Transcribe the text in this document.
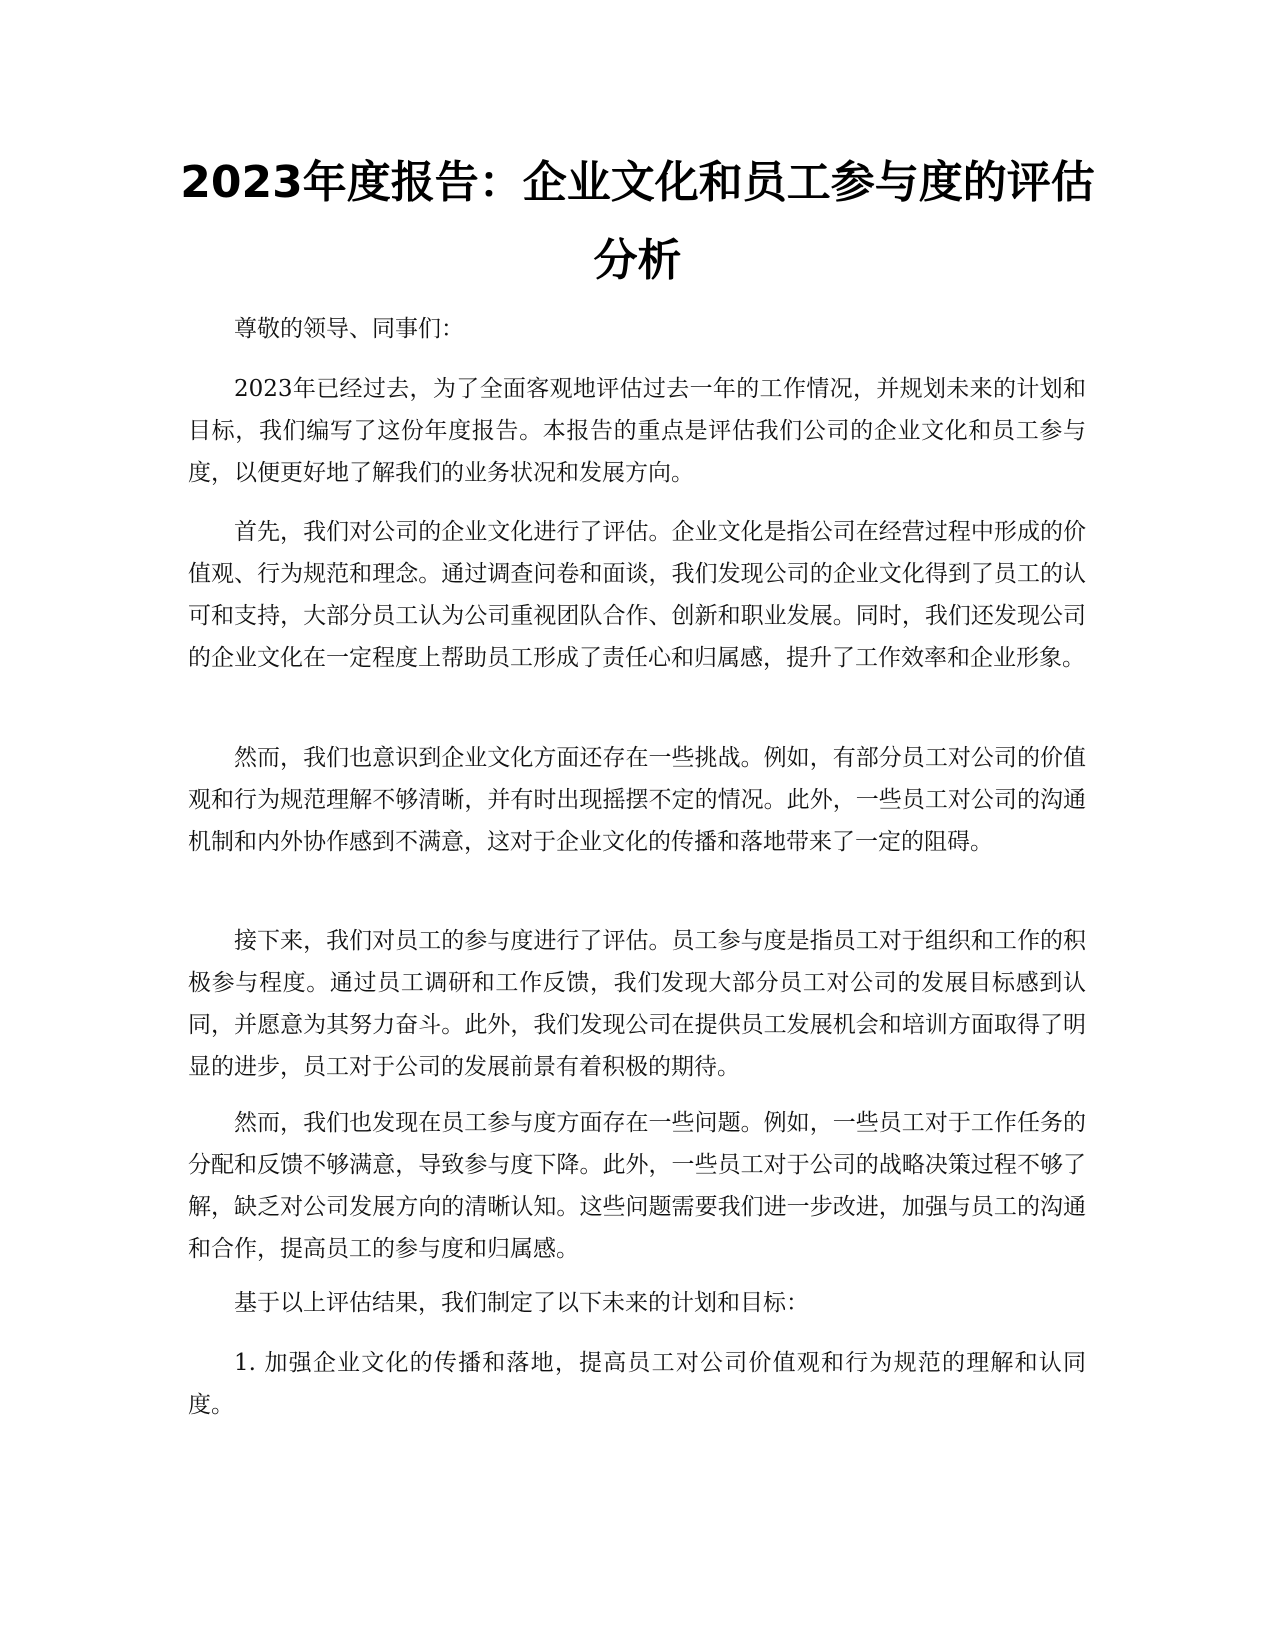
2023年度报告：企业文化和员工参与度的评估分析

尊敬的领导、同事们：

2023年已经过去，为了全面客观地评估过去一年的工作情况，并规划未来的计划和目标，我们编写了这份年度报告。本报告的重点是评估我们公司的企业文化和员工参与度，以便更好地了解我们的业务状况和发展方向。

首先，我们对公司的企业文化进行了评估。企业文化是指公司在经营过程中形成的价值观、行为规范和理念。通过调查问卷和面谈，我们发现公司的企业文化得到了员工的认可和支持，大部分员工认为公司重视团队合作、创新和职业发展。同时，我们还发现公司的企业文化在一定程度上帮助员工形成了责任心和归属感，提升了工作效率和企业形象。

然而，我们也意识到企业文化方面还存在一些挑战。例如，有部分员工对公司的价值观和行为规范理解不够清晰，并有时出现摇摆不定的情况。此外，一些员工对公司的沟通机制和内外协作感到不满意，这对于企业文化的传播和落地带来了一定的阻碍。

接下来，我们对员工的参与度进行了评估。员工参与度是指员工对于组织和工作的积极参与程度。通过员工调研和工作反馈，我们发现大部分员工对公司的发展目标感到认同，并愿意为其努力奋斗。此外，我们发现公司在提供员工发展机会和培训方面取得了明显的进步，员工对于公司的发展前景有着积极的期待。

然而，我们也发现在员工参与度方面存在一些问题。例如，一些员工对于工作任务的分配和反馈不够满意，导致参与度下降。此外，一些员工对于公司的战略决策过程不够了解，缺乏对公司发展方向的清晰认知。这些问题需要我们进一步改进，加强与员工的沟通和合作，提高员工的参与度和归属感。

基于以上评估结果，我们制定了以下未来的计划和目标：

1. 加强企业文化的传播和落地，提高员工对公司价值观和行为规范的理解和认同度。
